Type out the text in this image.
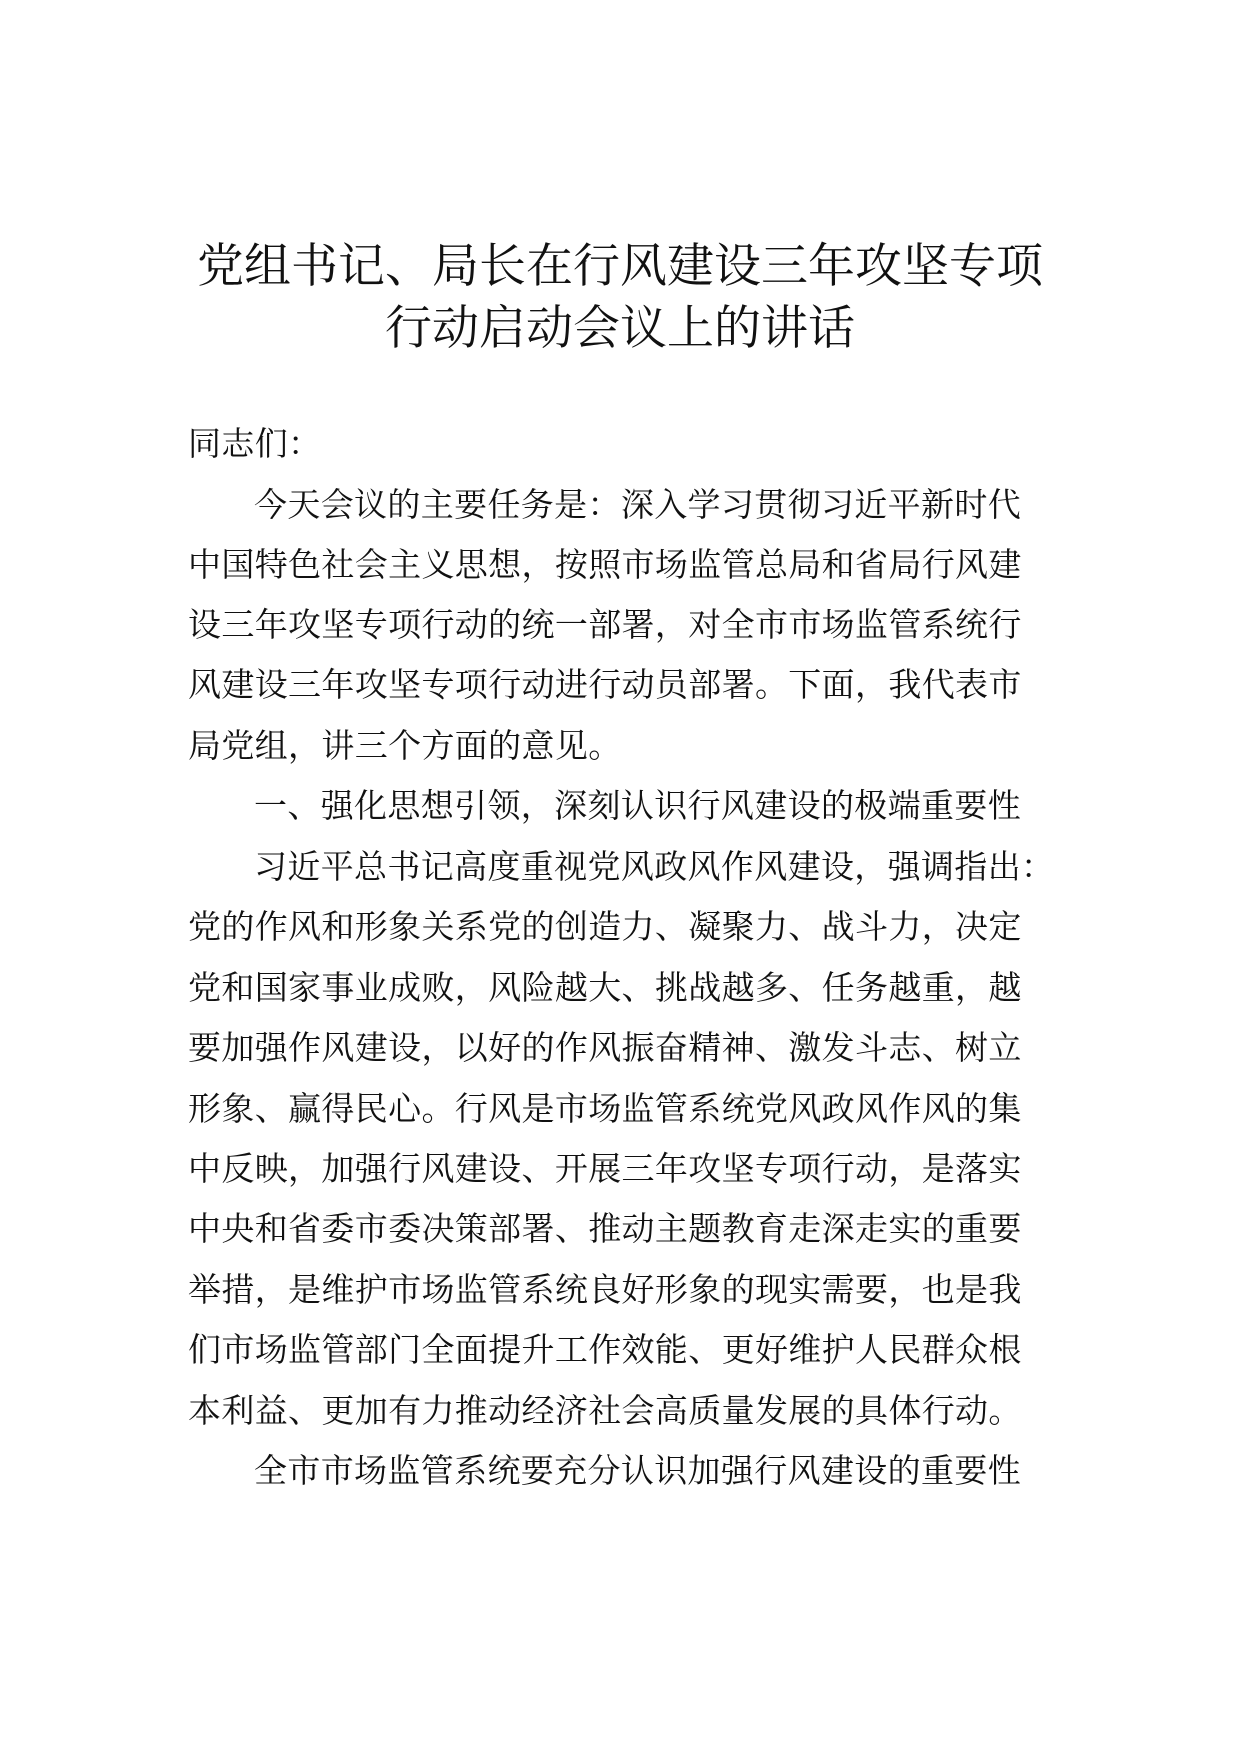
党组书记、局长在行风建设三年攻坚专项
行动启动会议上的讲话
同志们：
今天会议的主要任务是：深入学习贯彻习近平新时代
中国特色社会主义思想，按照市场监管总局和省局行风建
设三年攻坚专项行动的统一部署，对全市市场监管系统行
风建设三年攻坚专项行动进行动员部署。下面，我代表市
局党组，讲三个方面的意见。
一、强化思想引领，深刻认识行风建设的极端重要性
习近平总书记高度重视党风政风作风建设，强调指出：
党的作风和形象关系党的创造力、凝聚力、战斗力，决定
党和国家事业成败，风险越大、挑战越多、任务越重，越
要加强作风建设，以好的作风振奋精神、激发斗志、树立
形象、赢得民心。行风是市场监管系统党风政风作风的集
中反映，加强行风建设、开展三年攻坚专项行动，是落实
中央和省委市委决策部署、推动主题教育走深走实的重要
举措，是维护市场监管系统良好形象的现实需要，也是我
们市场监管部门全面提升工作效能、更好维护人民群众根
本利益、更加有力推动经济社会高质量发展的具体行动。
全市市场监管系统要充分认识加强行风建设的重要性
